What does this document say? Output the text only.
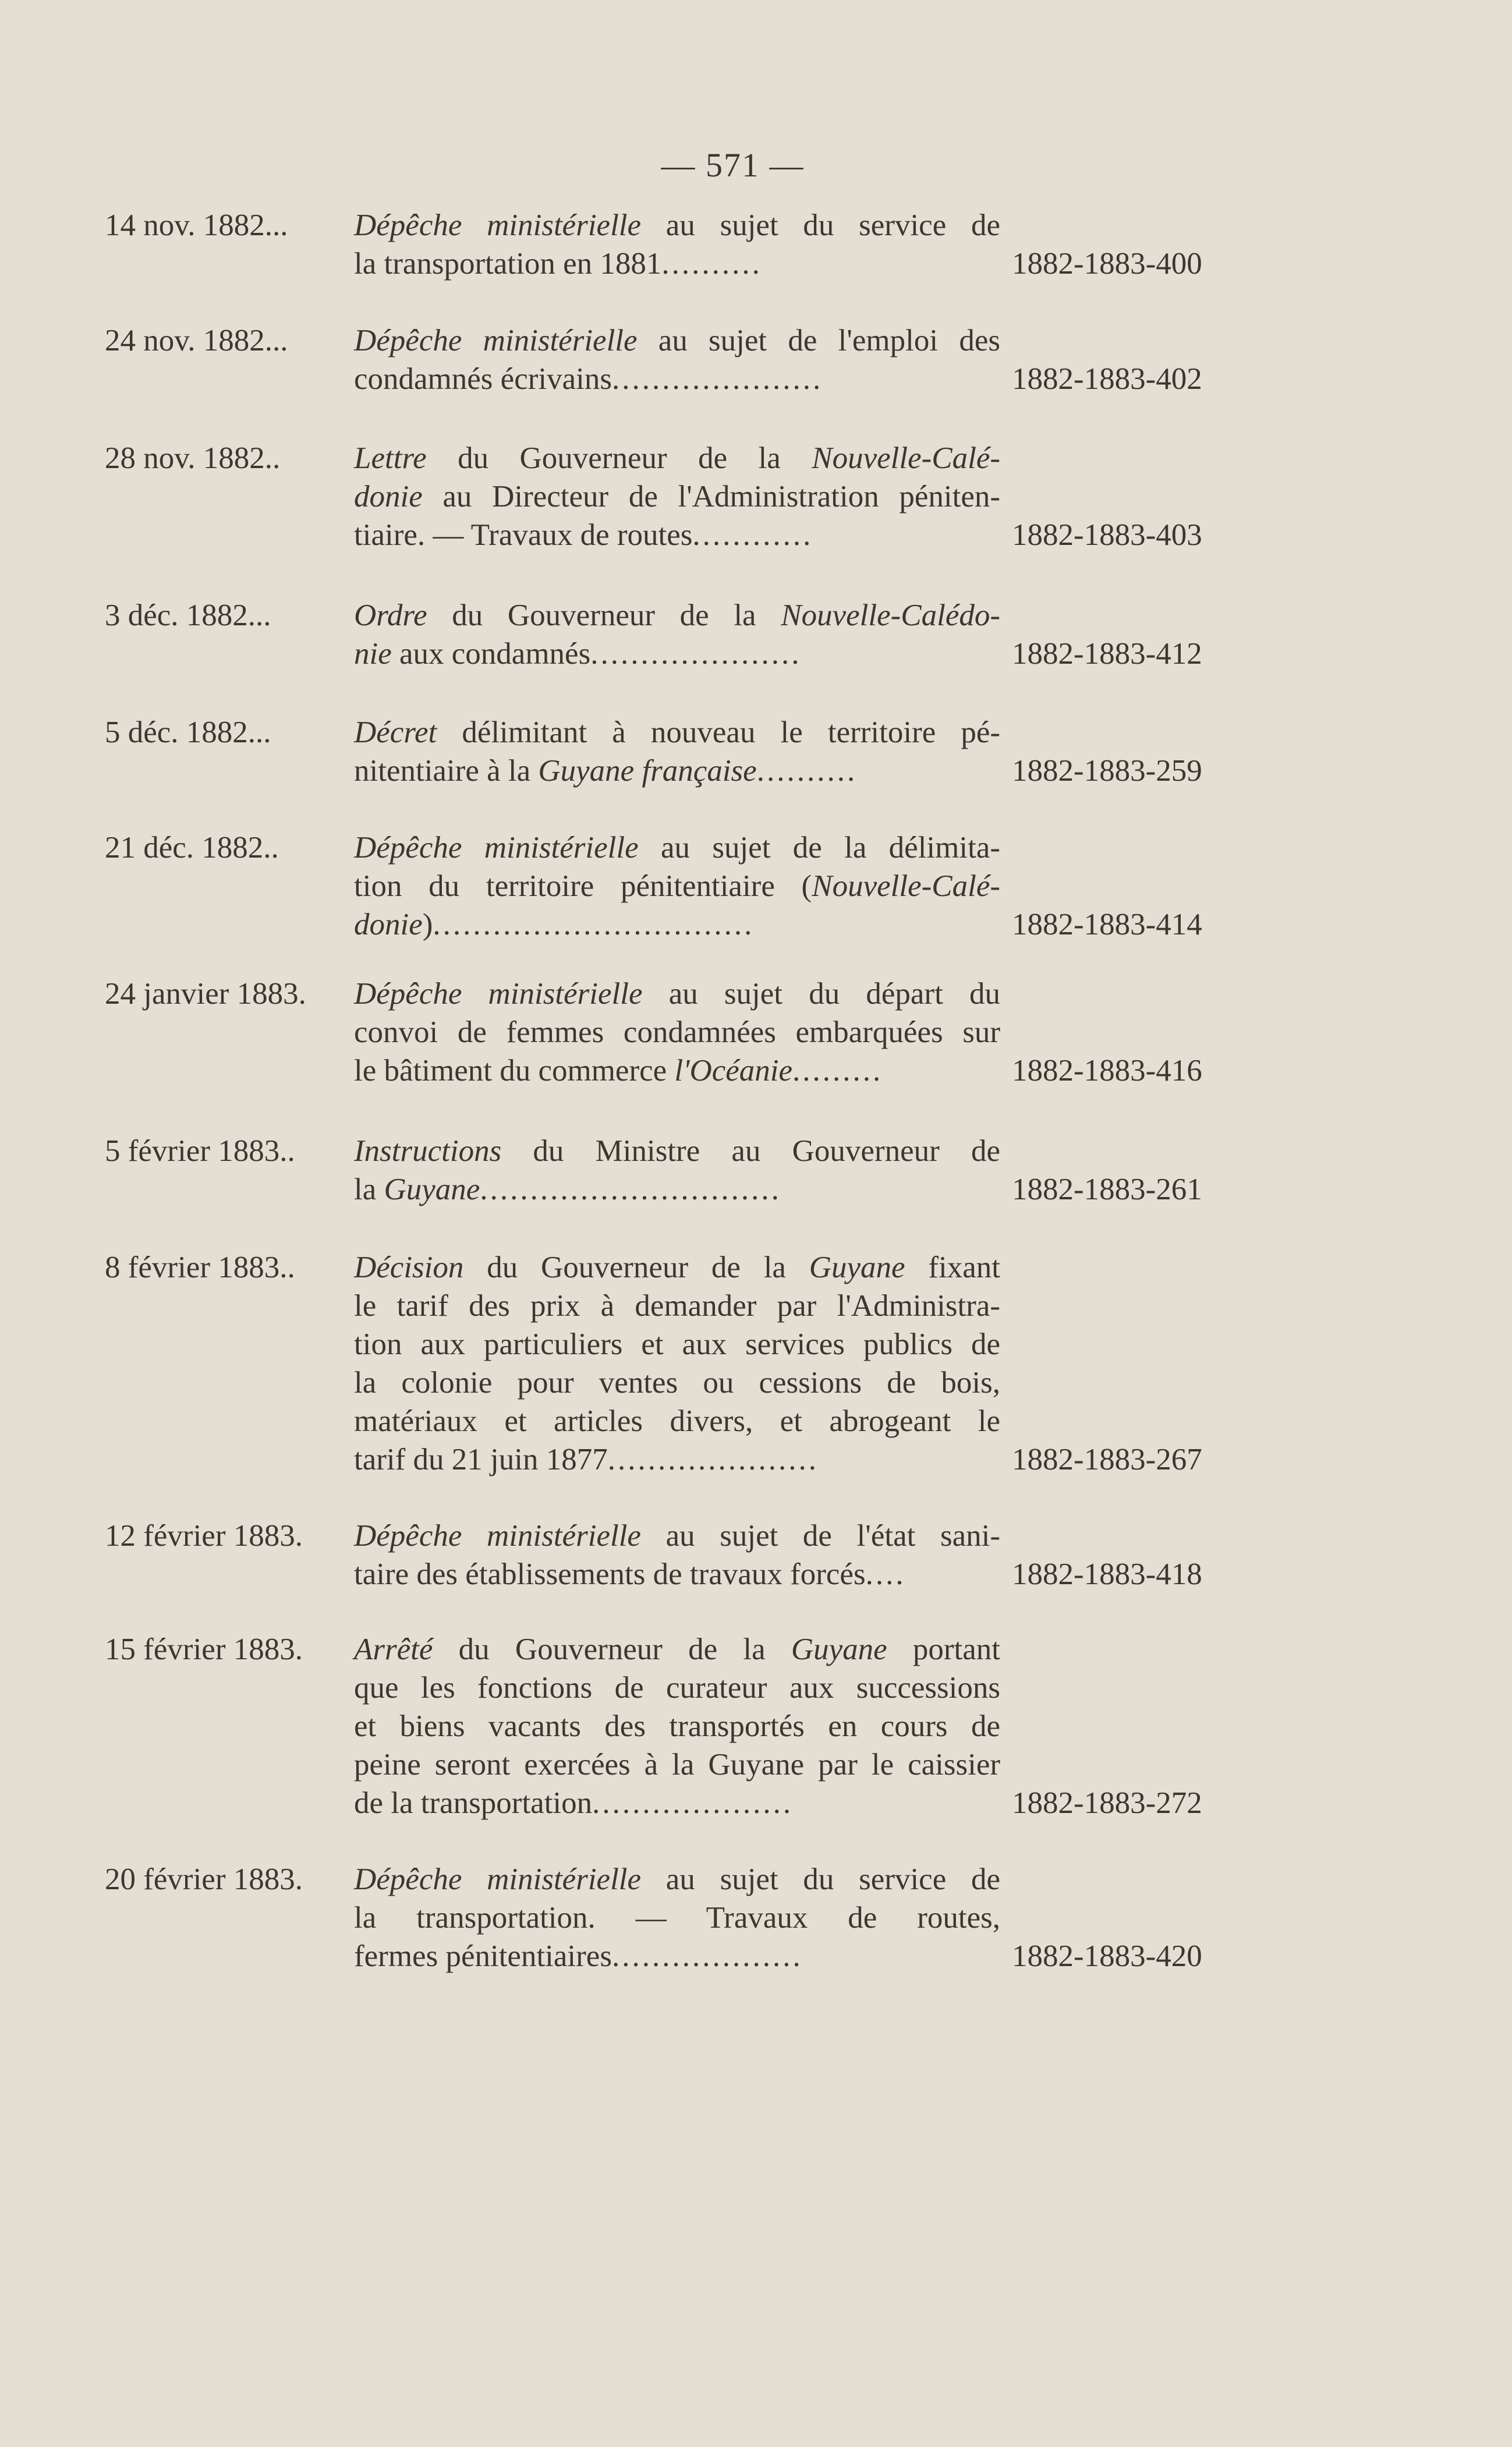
— 571 —
14 nov. 1882... Dépêche ministérielle au sujet du service de
la transportation en 1881..........	1882-1883-400
24 nov. 1882... Dépêche ministérielle au sujet de l'emploi des
condamnés écrivains.....................	1882-1883-402
28 nov. 1882.. Lettre du Gouverneur de la Nouvelle-Calé-
donie au Directeur de l'Administration péniten-
tiaire. — Travaux de routes............	1882-1883-403
3 déc. 1882...	Ordre du Gouverneur de la Nouvelle-Calédo-
nie aux condamnés.....................	1882-1883-412
5 déc. 1882...	Décret délimitant à nouveau le territoire pé-
nitentiaire à la Guyane française..........	1882-1883-259
21 déc. 1882.. Dépêche ministérielle au sujet de la délimita-
tion du territoire pénitentiaire (Nouvelle-Calé-
donie)................................	1882-1883-414
24 janvier 1883. Dépêche ministérielle au sujet du départ du
convoi de femmes condamnées embarquées sur
le bâtiment du commerce l'Océanie.........	1882-1883-416
5 février 1883.. Instructions du Ministre au Gouverneur de
la Guyane..............................	1882-1883-261
8 février 1883.. Décision du Gouverneur de la Guyane fixant
le tarif des prix à demander par l'Administra-
tion aux particuliers et aux services publics de
la colonie pour ventes ou cessions de bois,
matériaux et articles divers, et abrogeant le
tarif du 21 juin 1877.....................	1882-1883-267
12 février 1883. Dépêche ministérielle au sujet de l'état sani-
taire des établissements de travaux forcés....	1882-1883-418
15 février 1883. Arrêté du Gouverneur de la Guyane portant
que les fonctions de curateur aux successions
et biens vacants des transportés en cours de
peine seront exercées à la Guyane par le caissier
de la transportation....................	1882-1883-272
20 février 1883. Dépêche ministérielle au sujet du service de
la transportation. — Travaux de routes,
fermes pénitentiaires...................	1882-1883-420
